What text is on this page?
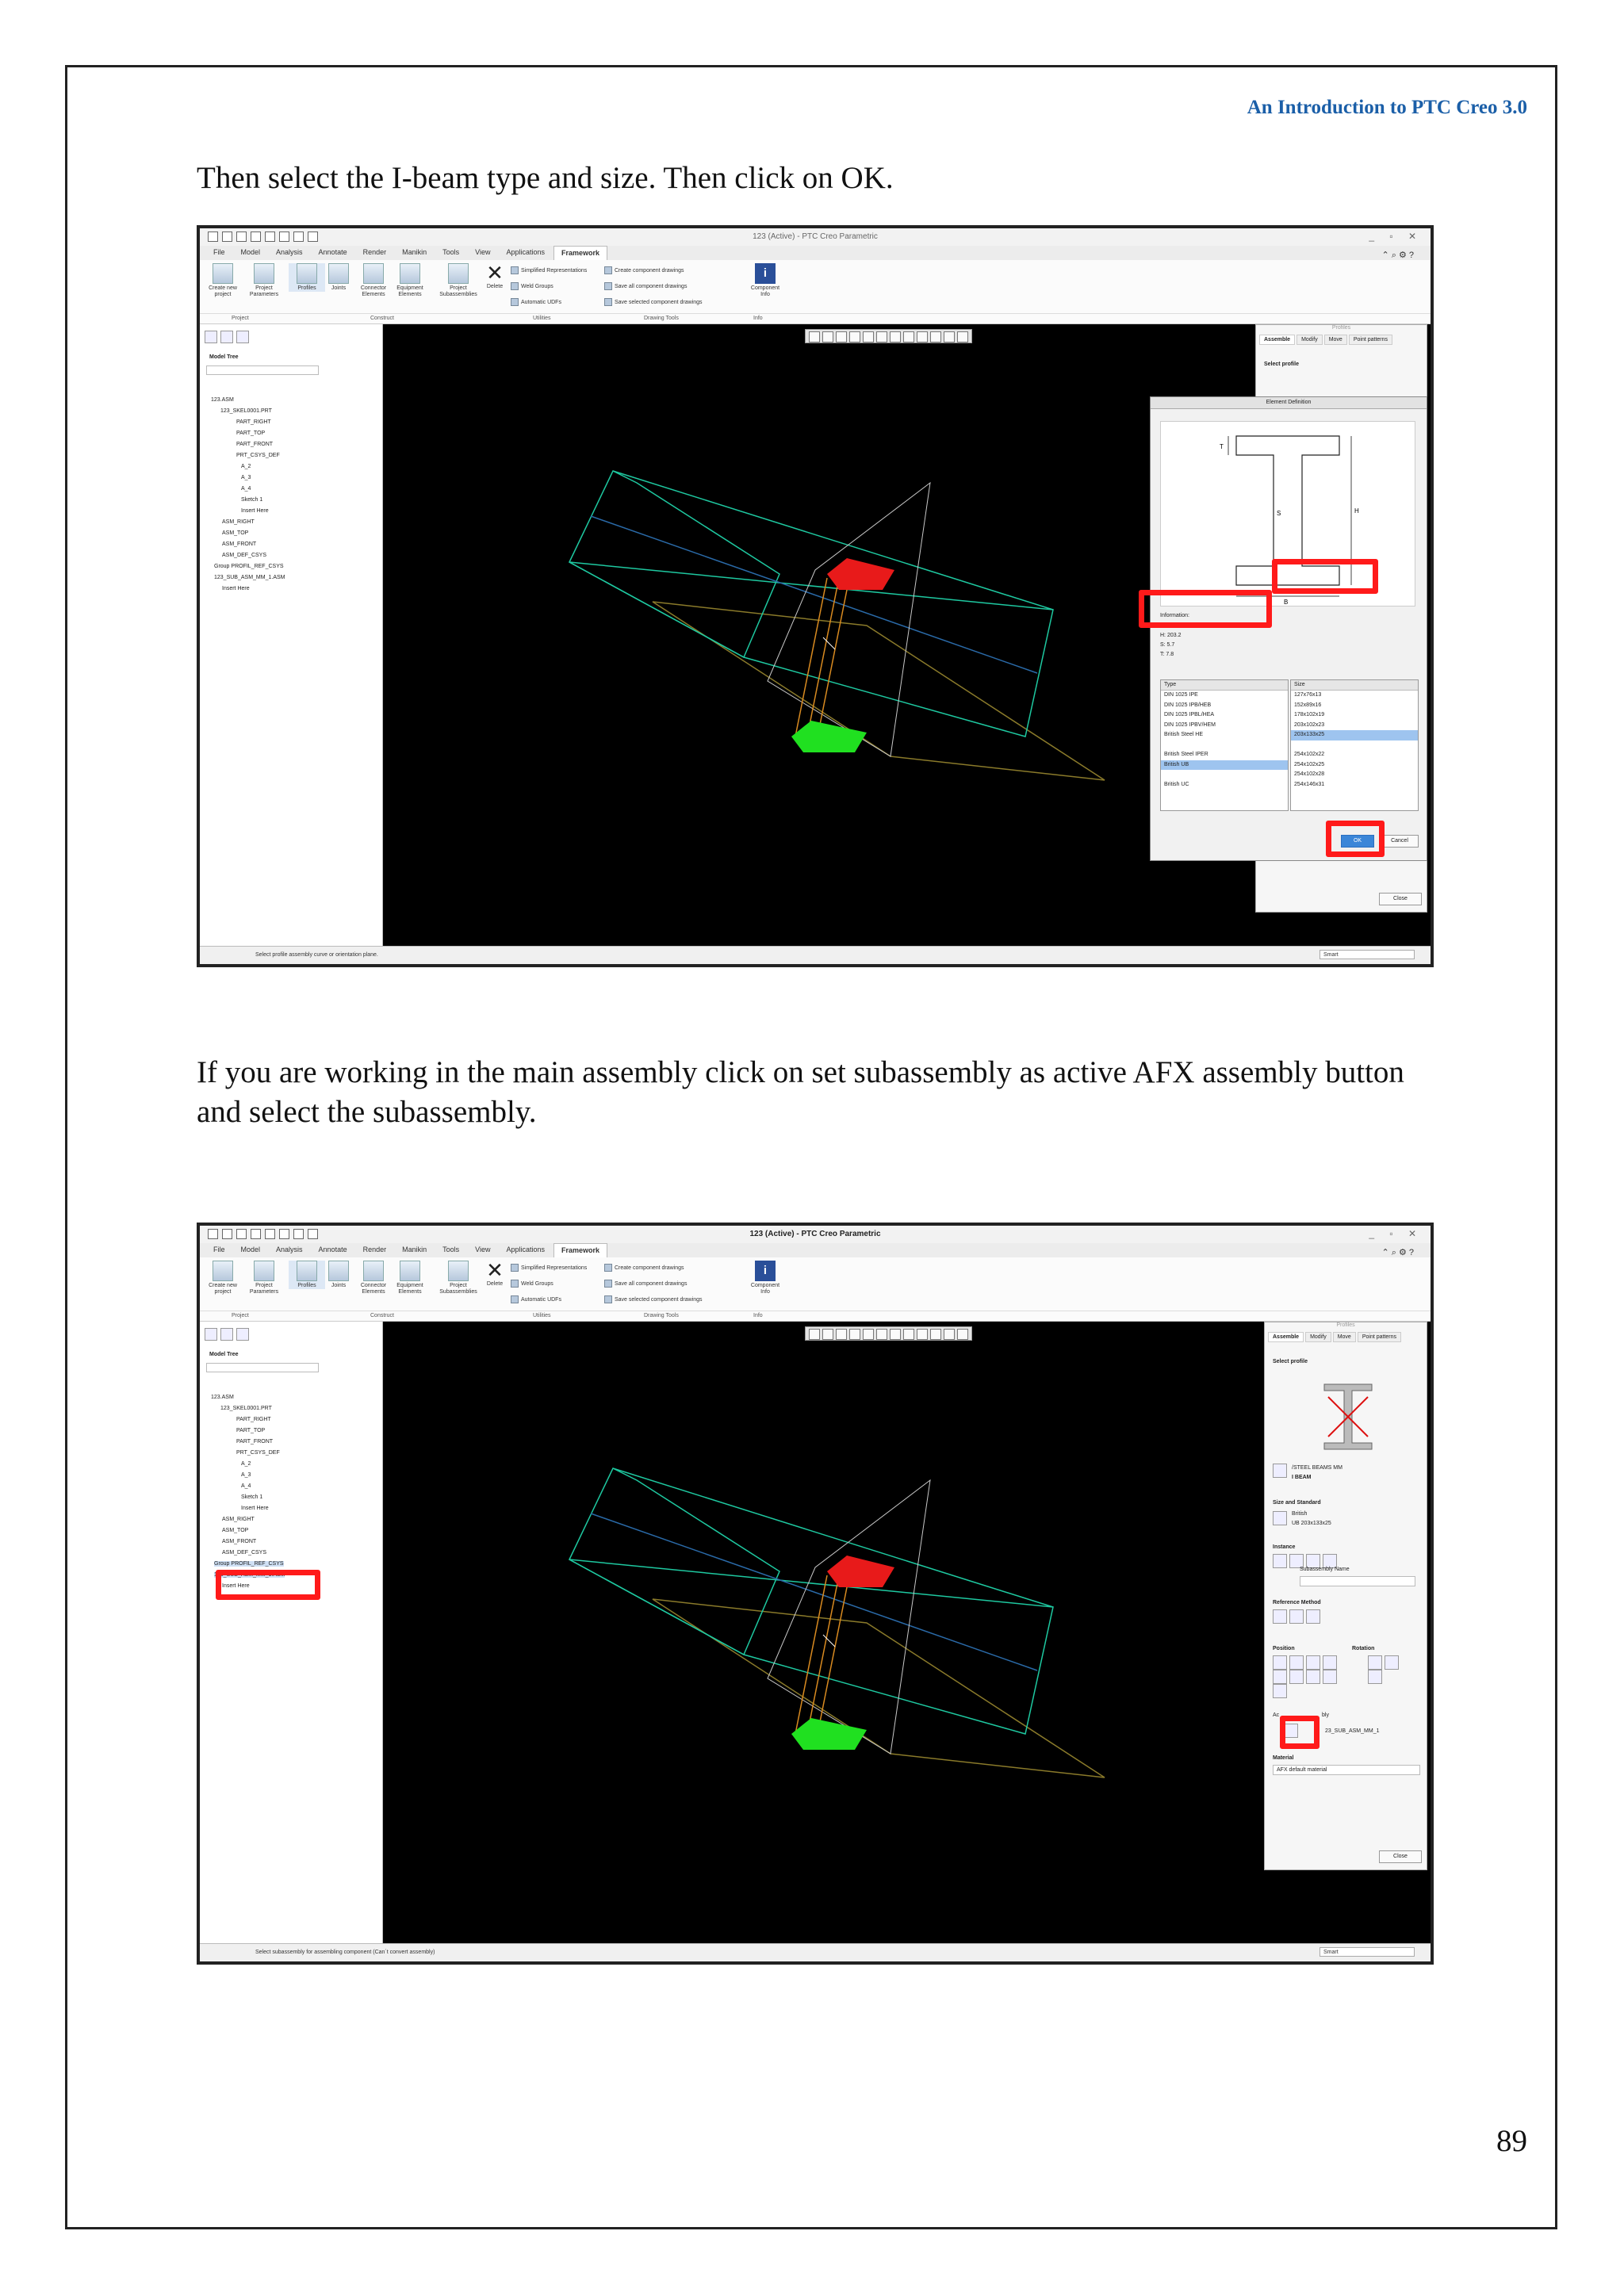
An Introduction to PTC Creo 3.0
Then select the I-beam type and size. Then click on OK.
123 (Active) - PTC Creo Parametric	_ ▫ ✕
File	Model	Analysis	Annotate	Render	Manikin	Tools	View	Applications	Framework	⌃ ⌕ ⚙ ?
Create new project
Project Parameters
Profiles	Joints	Connector Elements
Equipment Elements
Project Subassemblies
✕
Delete
Simplified Representations
Weld Groups
Automatic UDFs
Create component drawings
Save all component drawings
Save selected component drawings
i
Component Info
Project	Construct	Utilities	Drawing Tools	Info
Model Tree
123.ASM
123_SKEL0001.PRT
PART_RIGHT
PART_TOP
PART_FRONT
PRT_CSYS_DEF
A_2
A_3
A_4
Sketch 1
Insert Here
ASM_RIGHT
ASM_TOP
ASM_FRONT
ASM_DEF_CSYS
Group PROFIL_REF_CSYS
123_SUB_ASM_MM_1.ASM
Insert Here
Profiles
Assemble	Modify	Move	Point patterns
Select profile
Close
Element Definition
H
B
S
T
Information:
B: 133.2
H: 203.2
S: 5.7
T: 7.8
Type
DIN 1025 IPE
DIN 1025 IPB/HEB
DIN 1025 IPBL/HEA
DIN 1025 IPBV/HEM
British Steel HE
British Steel IPER
British UB
British UC
Size
127x76x13
152x89x16
178x102x19
203x102x23
203x133x25
254x102x22
254x102x25
254x102x28
254x146x31
OK	Cancel
Select profile assembly curve or orientation plane.	Smart
If you are working in the main assembly click on set subassembly as active AFX assembly button
and select the subassembly.
123 (Active) - PTC Creo Parametric	_ ▫ ✕
File	Model	Analysis	Annotate	Render	Manikin	Tools	View	Applications	Framework	⌃ ⌕ ⚙ ?
Create new project
Project Parameters
Profiles	Joints	Connector Elements
Equipment Elements
Project Subassemblies
✕
Delete
Simplified Representations
Weld Groups
Automatic UDFs
Create component drawings
Save all component drawings
Save selected component drawings
i
Component Info
Project	Construct	Utilities	Drawing Tools	Info
Model Tree
123.ASM
123_SKEL0001.PRT
PART_RIGHT
PART_TOP
PART_FRONT
PRT_CSYS_DEF
A_2
A_3
A_4
Sketch 1
Insert Here
ASM_RIGHT
ASM_TOP
ASM_FRONT
ASM_DEF_CSYS
Group PROFIL_REF_CSYS
123_SUB_ASM_MM_1.ASM
Insert Here
Profiles
Assemble	Modify	Move	Point patterns
Select profile
/STEEL BEAMS MM
I BEAM
Size and Standard
British
UB 203x133x25
Instance
Subassembly Name
Reference Method
Position	Rotation
Ac	bly
23_SUB_ASM_MM_1
Material
AFX default material
Close
Select subassembly for assembling component (Can´t convert assembly)	Smart
89
